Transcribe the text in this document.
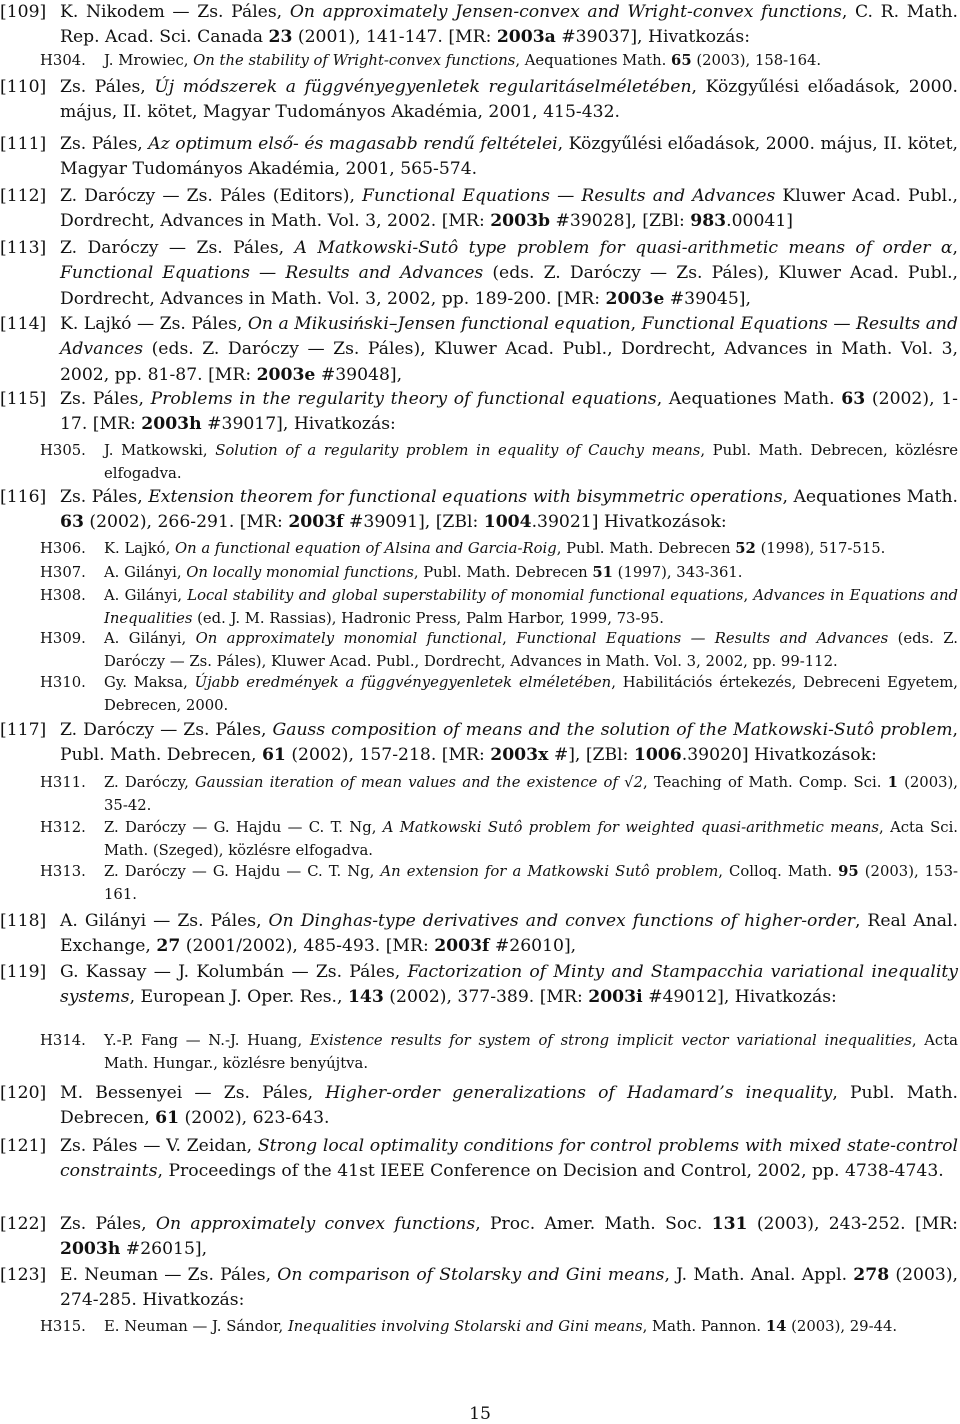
[109] K. Nikodem — Zs. Páles, On approximately Jensen-convex and Wright-convex functions, C. R. Math. Rep. Acad. Sci. Canada 23 (2001), 141-147. [MR: 2003a #39037], Hivatkozás:
H304.	J. Mrowiec, On the stability of Wright-convex functions, Aequationes Math. 65 (2003), 158-164.
[110] Zs. Páles, Új módszerek a függvényegyenletek regularitáselméletében, Közgyűlési előadások, 2000. május, II. kötet, Magyar Tudományos Akadémia, 2001, 415-432.
[111] Zs. Páles, Az optimum első- és magasabb rendű feltételei, Közgyűlési előadások, 2000. május, II. kötet, Magyar Tudományos Akadémia, 2001, 565-574.
[112] Z. Daróczy — Zs. Páles (Editors), Functional Equations — Results and Advances Kluwer Acad. Publ., Dordrecht, Advances in Math. Vol. 3, 2002. [MR: 2003b #39028], [ZBl: 983.00041]
[113] Z. Daróczy — Zs. Páles, A Matkowski-Sutô type problem for quasi-arithmetic means of order α, Functional Equations — Results and Advances (eds. Z. Daróczy — Zs. Páles), Kluwer Acad. Publ., Dordrecht, Advances in Math. Vol. 3, 2002, pp. 189-200. [MR: 2003e #39045],
[114] K. Lajkó — Zs. Páles, On a Mikusiński–Jensen functional equation, Functional Equations — Results and Advances (eds. Z. Daróczy — Zs. Páles), Kluwer Acad. Publ., Dordrecht, Advances in Math. Vol. 3, 2002, pp. 81-87. [MR: 2003e #39048],
[115] Zs. Páles, Problems in the regularity theory of functional equations, Aequationes Math. 63 (2002), 1-17. [MR: 2003h #39017], Hivatkozás:
H305.	J. Matkowski, Solution of a regularity problem in equality of Cauchy means, Publ. Math. Debrecen, közlésre elfogadva.
[116] Zs. Páles, Extension theorem for functional equations with bisymmetric operations, Aequationes Math. 63 (2002), 266-291. [MR: 2003f #39091], [ZBl: 1004.39021] Hivatkozások:
H306.	K. Lajkó, On a functional equation of Alsina and Garcia-Roig, Publ. Math. Debrecen 52 (1998), 517-515.
H307.	A. Gilányi, On locally monomial functions, Publ. Math. Debrecen 51 (1997), 343-361.
H308.	A. Gilányi, Local stability and global superstability of monomial functional equations, Advances in Equations and Inequalities (ed. J. M. Rassias), Hadronic Press, Palm Harbor, 1999, 73-95.
H309.	A. Gilányi, On approximately monomial functional, Functional Equations — Results and Advances (eds. Z. Daróczy — Zs. Páles), Kluwer Acad. Publ., Dordrecht, Advances in Math. Vol. 3, 2002, pp. 99-112.
H310.	Gy. Maksa, Újabb eredmények a függvényegyenletek elméletében, Habilitációs értekezés, Debreceni Egyetem, Debrecen, 2000.
[117] Z. Daróczy — Zs. Páles, Gauss composition of means and the solution of the Matkowski-Sutô problem, Publ. Math. Debrecen, 61 (2002), 157-218. [MR: 2003x #], [ZBl: 1006.39020] Hivatkozások:
H311.	Z. Daróczy, Gaussian iteration of mean values and the existence of √2, Teaching of Math. Comp. Sci. 1 (2003), 35-42.
H312.	Z. Daróczy — G. Hajdu — C. T. Ng, A Matkowski Sutô problem for weighted quasi-arithmetic means, Acta Sci. Math. (Szeged), közlésre elfogadva.
H313.	Z. Daróczy — G. Hajdu — C. T. Ng, An extension for a Matkowski Sutô problem, Colloq. Math. 95 (2003), 153-161.
[118] A. Gilányi — Zs. Páles, On Dinghas-type derivatives and convex functions of higher-order, Real Anal. Exchange, 27 (2001/2002), 485-493. [MR: 2003f #26010],
[119] G. Kassay — J. Kolumbán — Zs. Páles, Factorization of Minty and Stampacchia variational inequality systems, European J. Oper. Res., 143 (2002), 377-389. [MR: 2003i #49012], Hivatkozás:
H314.	Y.-P. Fang — N.-J. Huang, Existence results for system of strong implicit vector variational inequalities, Acta Math. Hungar., közlésre benyújtva.
[120] M. Bessenyei — Zs. Páles, Higher-order generalizations of Hadamard’s inequality, Publ. Math. Debrecen, 61 (2002), 623-643.
[121] Zs. Páles — V. Zeidan, Strong local optimality conditions for control problems with mixed state-control constraints, Proceedings of the 41st IEEE Conference on Decision and Control, 2002, pp. 4738-4743.
[122] Zs. Páles, On approximately convex functions, Proc. Amer. Math. Soc. 131 (2003), 243-252. [MR: 2003h #26015],
[123] E. Neuman — Zs. Páles, On comparison of Stolarsky and Gini means, J. Math. Anal. Appl. 278 (2003), 274-285. Hivatkozás:
H315.	E. Neuman — J. Sándor, Inequalities involving Stolarski and Gini means, Math. Pannon. 14 (2003), 29-44.
15
